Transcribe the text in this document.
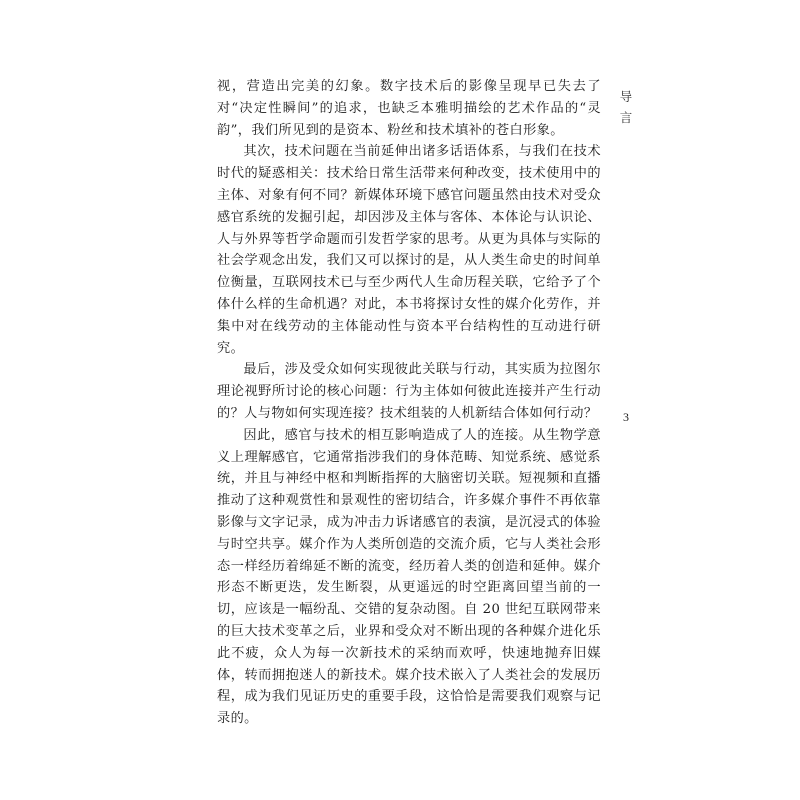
视，营造出完美的幻象。数字技术后的影像呈现早已失去了对“决定性瞬间”的追求，也缺乏本雅明描绘的艺术作品的“灵韵”，我们所见到的是资本、粉丝和技术填补的苍白形象。

其次，技术问题在当前延伸出诸多话语体系，与我们在技术时代的疑惑相关：技术给日常生活带来何种改变，技术使用中的主体、对象有何不同？新媒体环境下感官问题虽然由技术对受众感官系统的发掘引起，却因涉及主体与客体、本体论与认识论、人与外界等哲学命题而引发哲学家的思考。从更为具体与实际的社会学观念出发，我们又可以探讨的是，从人类生命史的时间单位衡量，互联网技术已与至少两代人生命历程关联，它给予了个体什么样的生命机遇？对此，本书将探讨女性的媒介化劳作，并集中对在线劳动的主体能动性与资本平台结构性的互动进行研究。

最后，涉及受众如何实现彼此关联与行动，其实质为拉图尔理论视野所讨论的核心问题：行为主体如何彼此连接并产生行动的？人与物如何实现连接？技术组装的人机新结合体如何行动？

因此，感官与技术的相互影响造成了人的连接。从生物学意义上理解感官，它通常指涉我们的身体范畴、知觉系统、感觉系统，并且与神经中枢和判断指挥的大脑密切关联。短视频和直播推动了这种观赏性和景观性的密切结合，许多媒介事件不再依靠影像与文字记录，成为冲击力诉诸感官的表演，是沉浸式的体验与时空共享。媒介作为人类所创造的交流介质，它与人类社会形态一样经历着绵延不断的流变，经历着人类的创造和延伸。媒介形态不断更迭，发生断裂，从更遥远的时空距离回望当前的一切，应该是一幅纷乱、交错的复杂动图。自 20 世纪互联网带来的巨大技术变革之后，业界和受众对不断出现的各种媒介进化乐此不疲，众人为每一次新技术的采纳而欢呼，快速地抛弃旧媒体，转而拥抱迷人的新技术。媒介技术嵌入了人类社会的发展历程，成为我们见证历史的重要手段，这恰恰是需要我们观察与记录的。

导
言
3
